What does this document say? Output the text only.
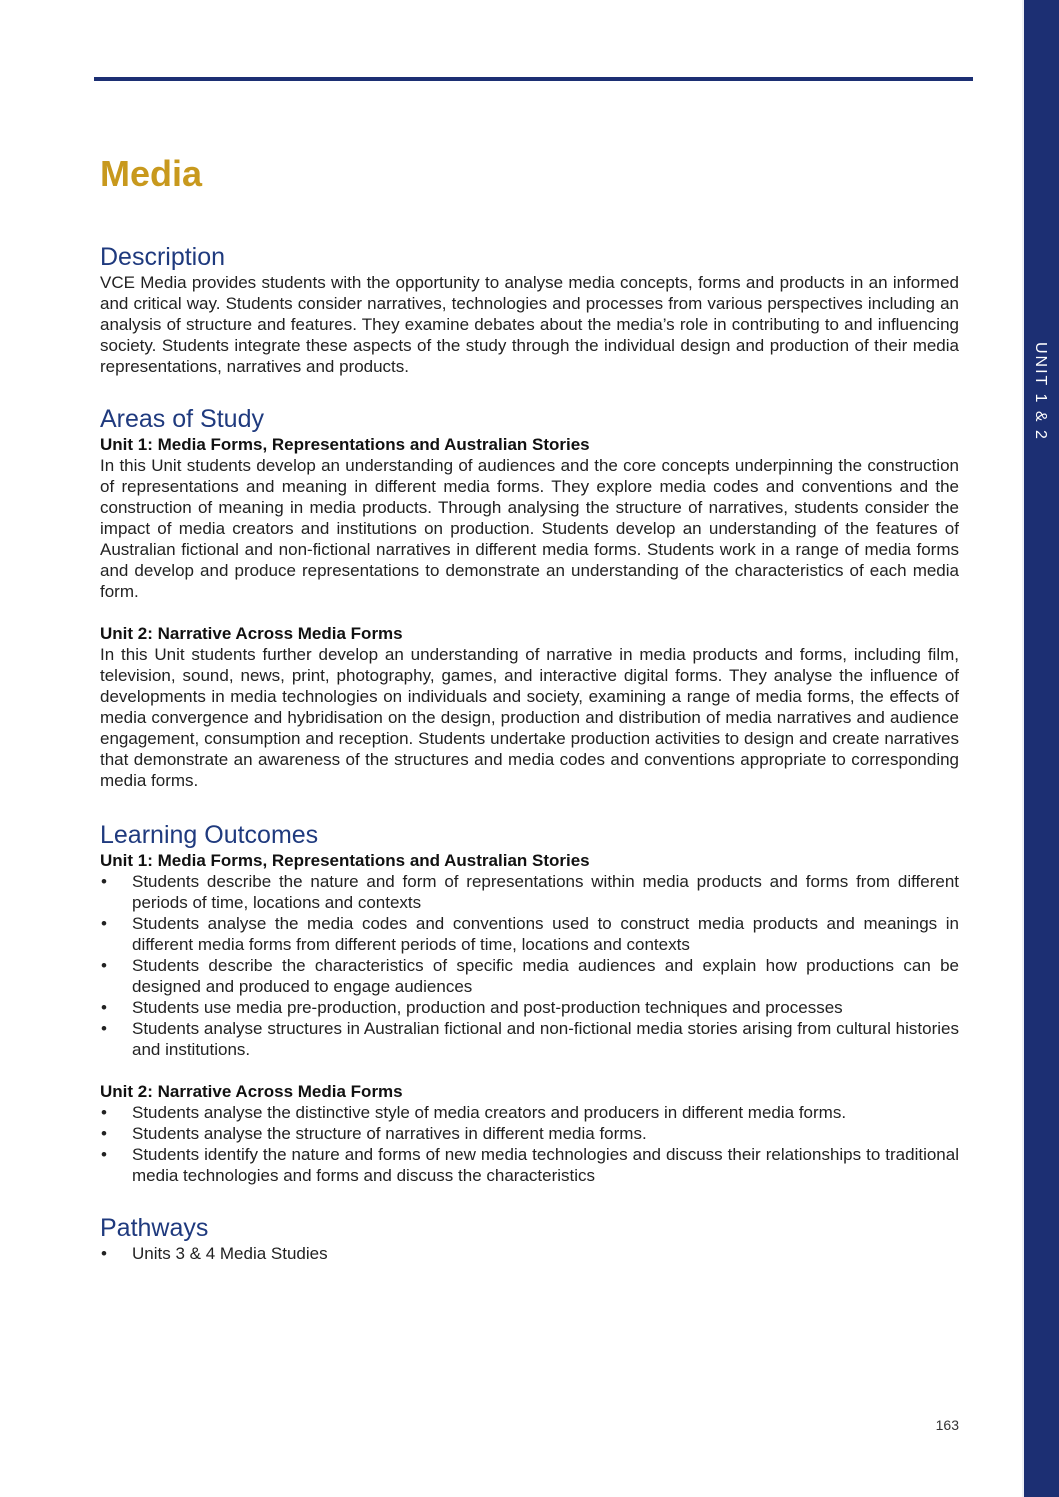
UNIT 1 & 2
Media
Description

VCE Media provides students with the opportunity to analyse media concepts, forms and products in an informed and critical way. Students consider narratives, technologies and processes from various perspectives including an analysis of structure and features. They examine debates about the media’s role in contributing to and influencing society. Students integrate these aspects of the study through the individual design and production of their media representations, narratives and products.

Areas of Study
Unit 1: Media Forms, Representations and Australian Stories

In this Unit students develop an understanding of audiences and the core concepts underpinning the construction of representations and meaning in different media forms. They explore media codes and conventions and the construction of meaning in media products. Through analysing the structure of narratives, students consider the impact of media creators and institutions on production. Students develop an understanding of the features of Australian fictional and non-fictional narratives in different media forms. Students work in a range of media forms and develop and produce representations to demonstrate an understanding of the characteristics of each media form.

Unit 2: Narrative Across Media Forms

In this Unit students further develop an understanding of narrative in media products and forms, including film, television, sound, news, print, photography, games, and interactive digital forms. They analyse the influence of developments in media technologies on individuals and society, examining a range of media forms, the effects of media convergence and hybridisation on the design, production and distribution of media narratives and audience engagement, consumption and reception. Students undertake production activities to design and create narratives that demonstrate an awareness of the structures and media codes and conventions appropriate to corresponding media forms.

Learning Outcomes
Unit 1: Media Forms, Representations and Australian Stories
• Students describe the nature and form of representations within media products and forms from different periods of time, locations and contexts
• Students analyse the media codes and conventions used to construct media products and meanings in different media forms from different periods of time, locations and contexts
• Students describe the characteristics of specific media audiences and explain how productions can be designed and produced to engage audiences
• Students use media pre-production, production and post-production techniques and processes
• Students analyse structures in Australian fictional and non-fictional media stories arising from cultural histories and institutions.
Unit 2: Narrative Across Media Forms
• Students analyse the distinctive style of media creators and producers in different media forms.
• Students analyse the structure of narratives in different media forms.
• Students identify the nature and forms of new media technologies and discuss their relationships to traditional media technologies and forms and discuss the characteristics
Pathways
• Units 3 & 4 Media Studies
163
